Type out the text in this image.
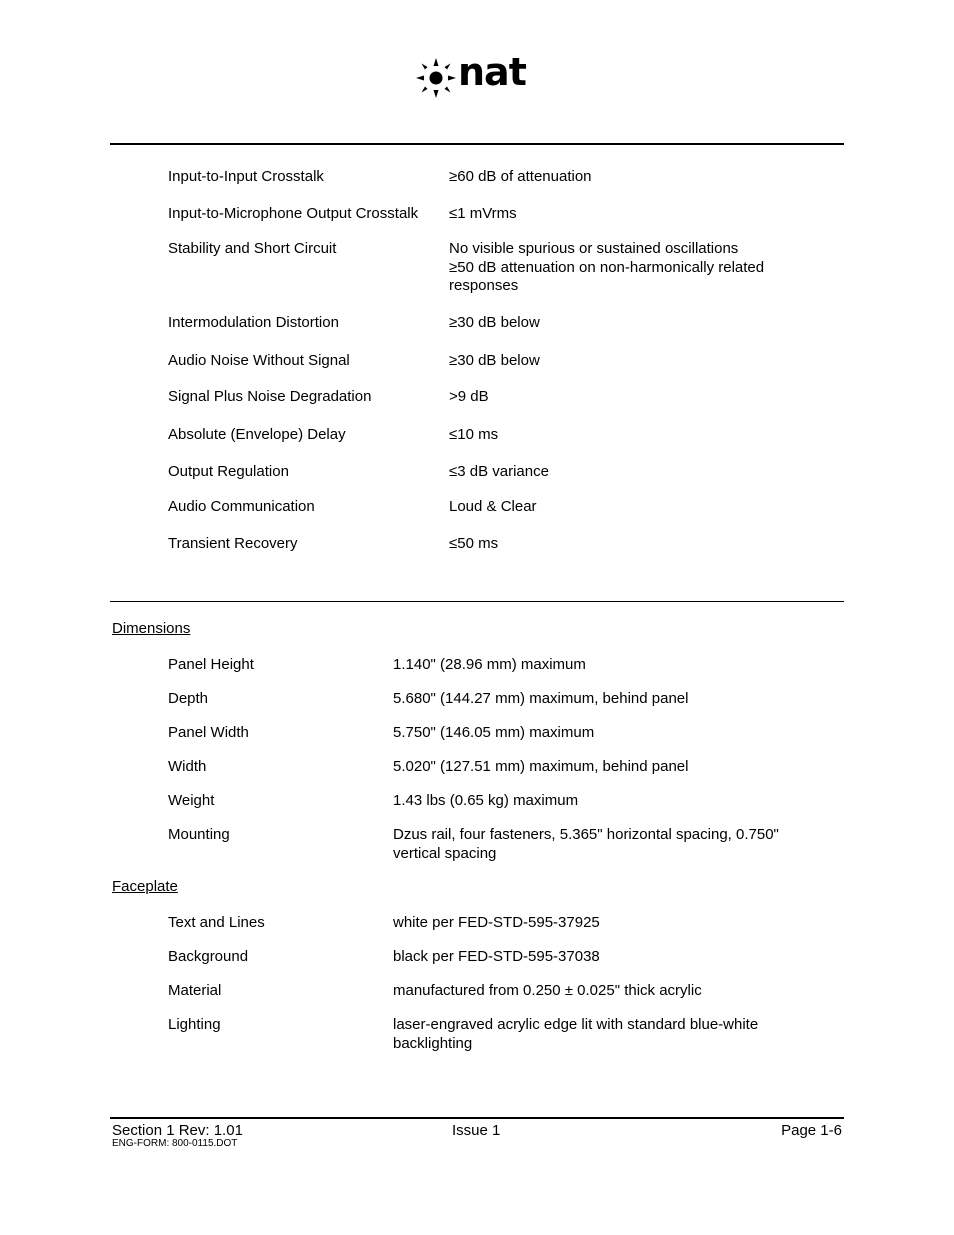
nat
Input-to-Input Crosstalk	≥60 dB of attenuation
Input-to-Microphone Output Crosstalk ≤1 mVrms
Stability and Short Circuit	No visible spurious or sustained oscillations
≥50 dB attenuation on non-harmonically related
responses
Intermodulation Distortion	≥30 dB below
Audio Noise Without Signal	≥30 dB below
Signal Plus Noise Degradation	>9 dB
Absolute (Envelope) Delay	≤10 ms
Output Regulation	≤3 dB variance
Audio Communication	Loud & Clear
Transient Recovery	≤50 ms
Dimensions
Panel Height	1.140" (28.96 mm) maximum
Depth	5.680" (144.27 mm) maximum, behind panel
Panel Width	5.750" (146.05 mm) maximum
Width	5.020" (127.51 mm) maximum, behind panel
Weight	1.43 lbs (0.65 kg) maximum
Mounting	Dzus rail, four fasteners, 5.365" horizontal spacing, 0.750"
vertical spacing
Faceplate
Text and Lines	white per FED-STD-595-37925
Background	black per FED-STD-595-37038
Material	manufactured from 0.250 ± 0.025" thick acrylic
Lighting	laser-engraved acrylic edge lit with standard blue-white
backlighting
Section 1 Rev: 1.01
ENG-FORM: 800-0115.DOT
Issue 1	Page 1-6
